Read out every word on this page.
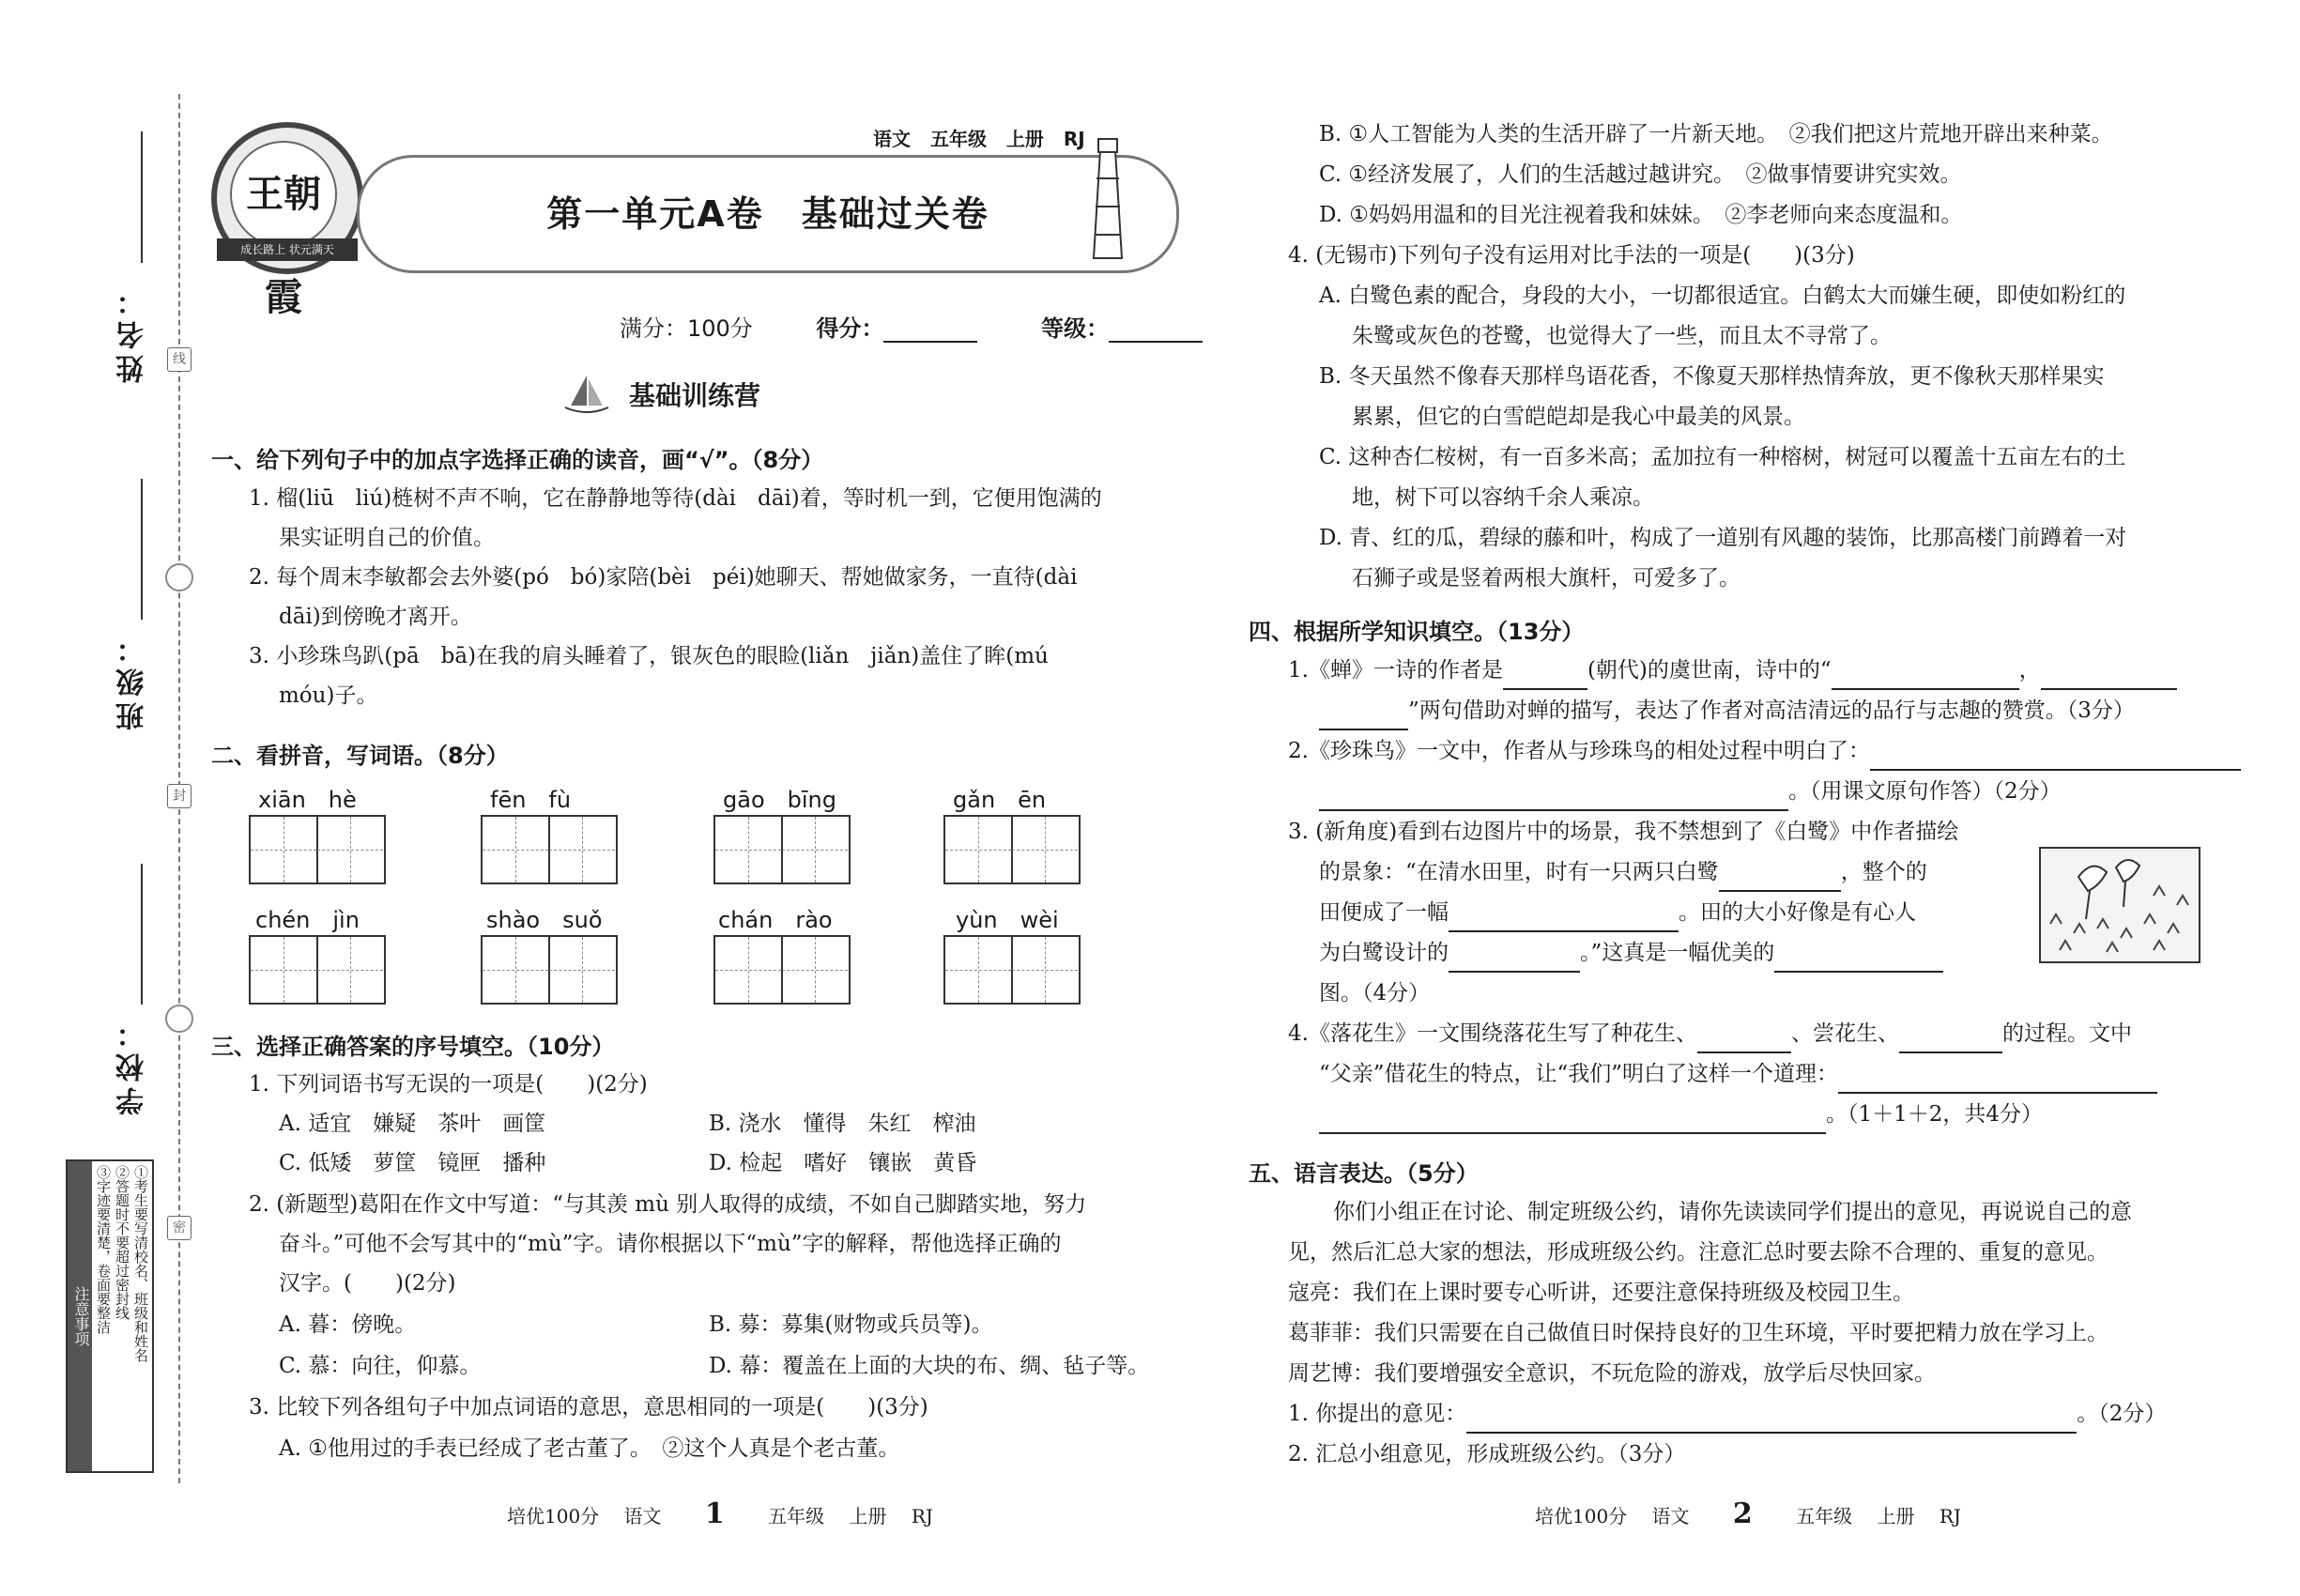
姓名：
班级：
学校：
线
封
密
注意事项	①考生要写清校名、班级和姓名
②答题时不要超过密封线
③字迹要清楚，卷面要整洁
王朝霞
成长路上 状元满天
语文 五年级 上册 RJ
第一单元A卷　基础过关卷
满分：100分	得分：	等级：
基础训练营
一、给下列句子中的加点字选择正确的读音，画“√”。（8分）
1. 榴(liū　liú)梿树不声不响，它在静静地等待(dài　dāi)着，等时机一到，它便用饱满的
果实证明自己的价值。
2. 每个周末李敏都会去外婆(pó　bó)家陪(bèi　péi)她聊天、帮她做家务，一直待(dài
dāi)到傍晚才离开。
3. 小珍珠鸟趴(pā　bā)在我的肩头睡着了，银灰色的眼睑(liǎn　jiǎn)盖住了眸(mú
móu)子。
二、看拼音，写词语。（8分）
xiān　hè	fēn　fù	gāo　bīng	gǎn　ēn
chén　jìn	shào　suǒ	chán　rào	yùn　wèi
三、选择正确答案的序号填空。（10分）
1. 下列词语书写无误的一项是(　　)(2分)
A. 适宜　嫌疑　茶叶　画筐	B. 浇水　懂得　朱红　榨油
C. 低矮　萝筐　镜匣　播种	D. 检起　嗜好　镶嵌　黄昏
2. (新题型)葛阳在作文中写道：“与其羡 mù 别人取得的成绩，不如自己脚踏实地，努力
奋斗。”可他不会写其中的“mù”字。请你根据以下“mù”字的解释，帮他选择正确的
汉字。(　　)(2分)
A. 暮：傍晚。	B. 募：募集(财物或兵员等)。
C. 慕：向往，仰慕。	D. 幕：覆盖在上面的大块的布、绸、毡子等。
3. 比较下列各组句子中加点词语的意思，意思相同的一项是(　　)(3分)
A. ①他用过的手表已经成了老古董了。　②这个人真是个老古董。
培优100分　 语文　　 1　　 五年级　 上册　 RJ
B. ①人工智能为人类的生活开辟了一片新天地。　②我们把这片荒地开辟出来种菜。
C. ①经济发展了，人们的生活越过越讲究。　②做事情要讲究实效。
D. ①妈妈用温和的目光注视着我和妹妹。　②李老师向来态度温和。
4. (无锡市)下列句子没有运用对比手法的一项是(　　)(3分)
A. 白鹭色素的配合，身段的大小，一切都很适宜。白鹤太大而嫌生硬，即使如粉红的
朱鹭或灰色的苍鹭，也觉得大了一些，而且太不寻常了。
B. 冬天虽然不像春天那样鸟语花香，不像夏天那样热情奔放，更不像秋天那样果实
累累，但它的白雪皑皑却是我心中最美的风景。
C. 这种杏仁桉树，有一百多米高；孟加拉有一种榕树，树冠可以覆盖十五亩左右的土
地，树下可以容纳千余人乘凉。
D. 青、红的瓜，碧绿的藤和叶，构成了一道别有风趣的装饰，比那高楼门前蹲着一对
石狮子或是竖着两根大旗杆，可爱多了。
四、根据所学知识填空。（13分）
1.《蝉》一诗的作者是	(朝代)的虞世南，诗中的“	，
”两句借助对蝉的描写，表达了作者对高洁清远的品行与志趣的赞赏。（3分）
2.《珍珠鸟》一文中，作者从与珍珠鸟的相处过程中明白了：
。（用课文原句作答）（2分）
3. (新角度)看到右边图片中的场景，我不禁想到了《白鹭》中作者描绘
的景象：“在清水田里，时有一只两只白鹭	，整个的
田便成了一幅	。田的大小好像是有心人
为白鹭设计的	。”这真是一幅优美的
图。（4分）
4.《落花生》一文围绕落花生写了种花生、	、尝花生、	的过程。文中
“父亲”借花生的特点，让“我们”明白了这样一个道理：
。（1＋1＋2，共4分）
五、语言表达。（5分）
你们小组正在讨论、制定班级公约，请你先读读同学们提出的意见，再说说自己的意
见，然后汇总大家的想法，形成班级公约。注意汇总时要去除不合理的、重复的意见。
寇亮：我们在上课时要专心听讲，还要注意保持班级及校园卫生。
葛菲菲：我们只需要在自己做值日时保持良好的卫生环境，平时要把精力放在学习上。
周艺博：我们要增强安全意识，不玩危险的游戏，放学后尽快回家。
1. 你提出的意见：	。（2分）
2. 汇总小组意见，形成班级公约。（3分）
培优100分　 语文　　 2　　 五年级　 上册　 RJ
